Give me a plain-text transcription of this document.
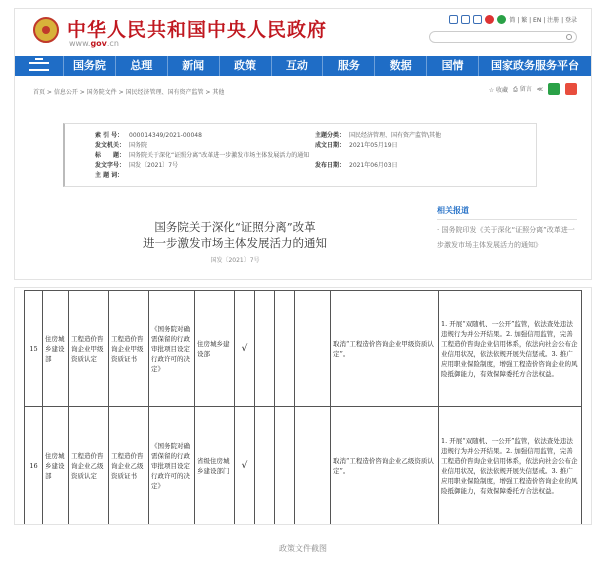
中华人民共和国中央人民政府
www.gov.cn
简 | 繁 | EN | 注册 | 登录
国务院	总理	新闻	政策	互动	服务	数据	国情	国家政务服务平台
首页 > 信息公开 > 国务院文件 > 国民经济管理、国有资产监管 > 其他	☆ 收藏 ⎙ 留言 ≪
索 引 号： 000014349/2021-00048
发文机关： 国务院
标　　题： 国务院关于深化“证照分离”改革进一步激发市场主体发展活力的通知
发文字号： 国发〔2021〕7号
主 题 词：
主题分类： 国民经济管理、国有资产监管\其他
成文日期： 2021年05月19日
发布日期： 2021年06月03日
国务院关于深化“证照分离”改革
进一步激发市场主体发展活力的通知
国发〔2021〕7号
相关报道
· 国务院印发《关于深化“证照分离”改革进一步激发市场主体发展活力的通知》
15	住房城乡建设部	工程造价咨询企业甲级资质认定	工程造价咨询企业甲级资质证书	《国务院对确需保留的行政审批项目设定行政许可的决定》	住房城乡建设部	√				取消“工程造价咨询企业甲级资质认定”。	1. 开展“双随机、一公开”监管，依法查处违法违规行为并公开结果。2. 加强信用监管，完善工程造价咨询企业信用体系，依法向社会公布企业信用状况，依法依规开展失信惩戒。3. 推广应用职业保险制度，增强工程造价咨询企业的风险抵御能力，有效保障委托方合法权益。
16	住房城乡建设部	工程造价咨询企业乙级资质认定	工程造价咨询企业乙级资质证书	《国务院对确需保留的行政审批项目设定行政许可的决定》	省级住房城乡建设部门	√				取消“工程造价咨询企业乙级资质认定”。	1. 开展“双随机、一公开”监管，依法查处违法违规行为并公开结果。2. 加强信用监管，完善工程造价咨询企业信用体系，依法向社会公布企业信用状况，依法依规开展失信惩戒。3. 推广应用职业保险制度，增强工程造价咨询企业的风险抵御能力，有效保障委托方合法权益。
政策文件截图
